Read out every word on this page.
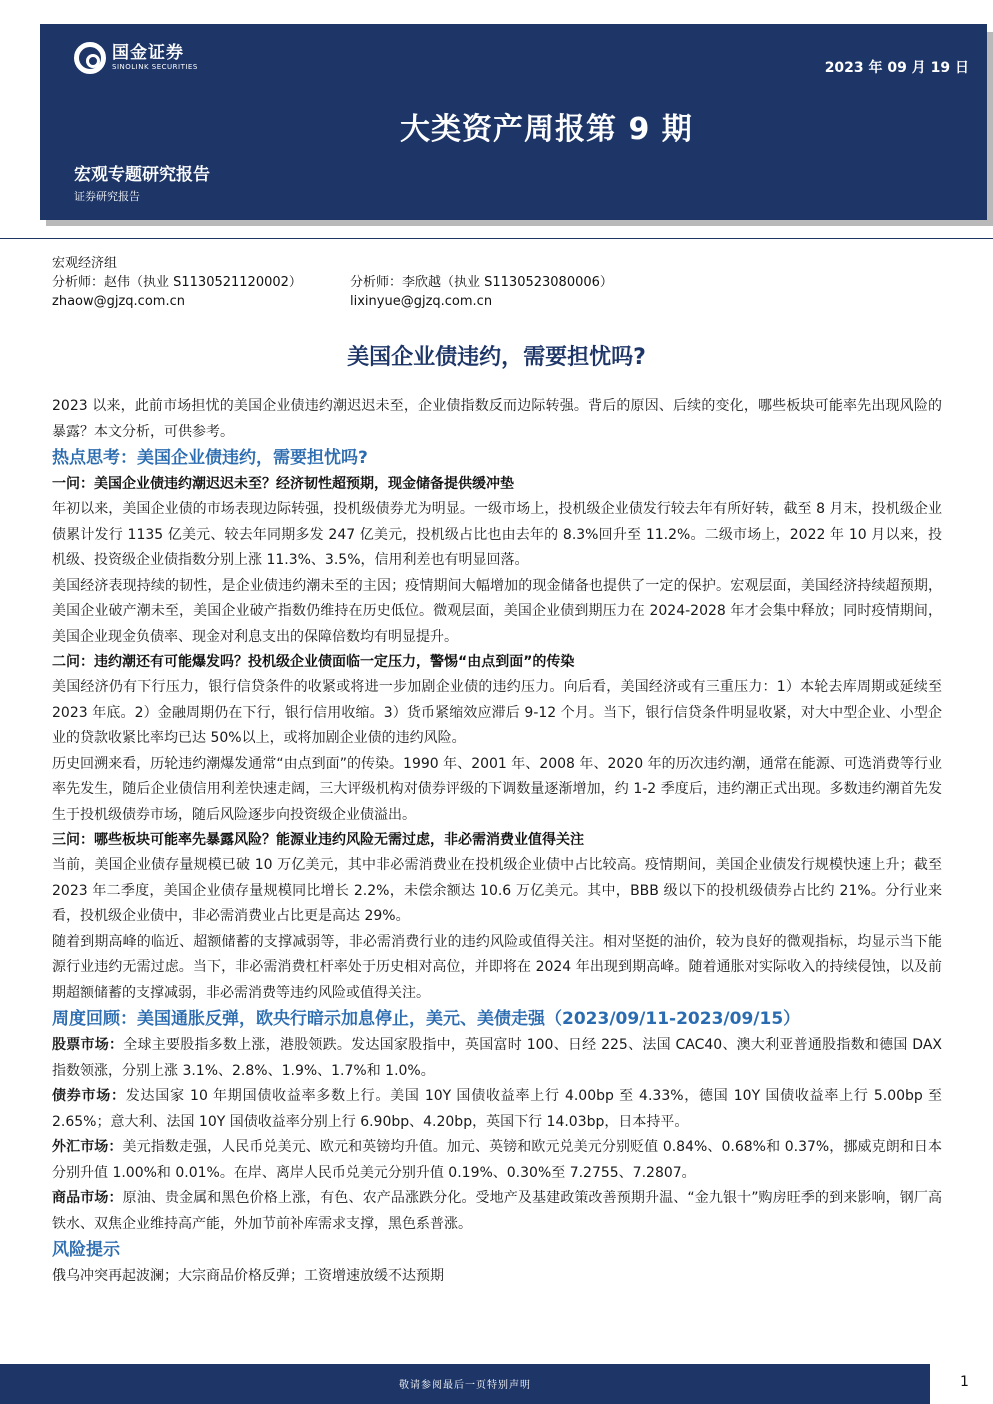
国金证券
SINOLINK SECURITIES	2023 年 09 月 19 日
大类资产周报第 9 期
宏观专题研究报告
证券研究报告
宏观经济组
分析师：赵伟（执业 S1130521120002）	分析师：李欣越（执业 S1130523080006）
zhaow@gjzq.com.cn	lixinyue@gjzq.com.cn
美国企业债违约，需要担忧吗?

2023 以来，此前市场担忧的美国企业债违约潮迟迟未至，企业债指数反而边际转强。背后的原因、后续的变化，哪些板块可能率先出现风险的暴露？本文分析，可供参考。

热点思考：美国企业债违约，需要担忧吗?
一问：美国企业债违约潮迟迟未至？经济韧性超预期，现金储备提供缓冲垫

年初以来，美国企业债的市场表现边际转强，投机级债券尤为明显。一级市场上，投机级企业债发行较去年有所好转，截至 8 月末，投机级企业债累计发行 1135 亿美元、较去年同期多发 247 亿美元，投机级占比也由去年的 8.3%回升至 11.2%。二级市场上，2022 年 10 月以来，投机级、投资级企业债指数分别上涨 11.3%、3.5%，信用利差也有明显回落。

美国经济表现持续的韧性，是企业债违约潮未至的主因；疫情期间大幅增加的现金储备也提供了一定的保护。宏观层面，美国经济持续超预期，美国企业破产潮未至，美国企业破产指数仍维持在历史低位。微观层面，美国企业债到期压力在 2024-2028 年才会集中释放；同时疫情期间，美国企业现金负债率、现金对利息支出的保障倍数均有明显提升。

二问：违约潮还有可能爆发吗？投机级企业债面临一定压力，警惕“由点到面”的传染

美国经济仍有下行压力，银行信贷条件的收紧或将进一步加剧企业债的违约压力。向后看，美国经济或有三重压力：1）本轮去库周期或延续至 2023 年底。2）金融周期仍在下行，银行信用收缩。3）货币紧缩效应滞后 9-12 个月。当下，银行信贷条件明显收紧，对大中型企业、小型企业的贷款收紧比率均已达 50%以上，或将加剧企业债的违约风险。

历史回溯来看，历轮违约潮爆发通常“由点到面”的传染。1990 年、2001 年、2008 年、2020 年的历次违约潮，通常在能源、可选消费等行业率先发生，随后企业债信用利差快速走阔，三大评级机构对债券评级的下调数量逐渐增加，约 1-2 季度后，违约潮正式出现。多数违约潮首先发生于投机级债券市场，随后风险逐步向投资级企业债溢出。

三问：哪些板块可能率先暴露风险？能源业违约风险无需过虑，非必需消费业值得关注

当前，美国企业债存量规模已破 10 万亿美元，其中非必需消费业在投机级企业债中占比较高。疫情期间，美国企业债发行规模快速上升；截至 2023 年二季度，美国企业债存量规模同比增长 2.2%，未偿余额达 10.6 万亿美元。其中，BBB 级以下的投机级债券占比约 21%。分行业来看，投机级企业债中，非必需消费业占比更是高达 29%。

随着到期高峰的临近、超额储蓄的支撑减弱等，非必需消费行业的违约风险或值得关注。相对坚挺的油价，较为良好的微观指标，均显示当下能源行业违约无需过虑。当下，非必需消费杠杆率处于历史相对高位，并即将在 2024 年出现到期高峰。随着通胀对实际收入的持续侵蚀，以及前期超额储蓄的支撑减弱，非必需消费等违约风险或值得关注。

周度回顾：美国通胀反弹，欧央行暗示加息停止，美元、美债走强（2023/09/11-2023/09/15）

股票市场：全球主要股指多数上涨，港股领跌。发达国家股指中，英国富时 100、日经 225、法国 CAC40、澳大利亚普通股指数和德国 DAX 指数领涨，分别上涨 3.1%、2.8%、1.9%、1.7%和 1.0%。

债券市场：发达国家 10 年期国债收益率多数上行。美国 10Y 国债收益率上行 4.00bp 至 4.33%，德国 10Y 国债收益率上行 5.00bp 至 2.65%；意大利、法国 10Y 国债收益率分别上行 6.90bp、4.20bp，英国下行 14.03bp，日本持平。

外汇市场：美元指数走强，人民币兑美元、欧元和英镑均升值。加元、英镑和欧元兑美元分别贬值 0.84%、0.68%和 0.37%，挪威克朗和日本分别升值 1.00%和 0.01%。在岸、离岸人民币兑美元分别升值 0.19%、0.30%至 7.2755、7.2807。

商品市场：原油、贵金属和黑色价格上涨，有色、农产品涨跌分化。受地产及基建政策改善预期升温、“金九银十”购房旺季的到来影响，钢厂高铁水、双焦企业维持高产能，外加节前补库需求支撑，黑色系普涨。

风险提示

俄乌冲突再起波澜；大宗商品价格反弹；工资增速放缓不达预期

敬请参阅最后一页特别声明	1
